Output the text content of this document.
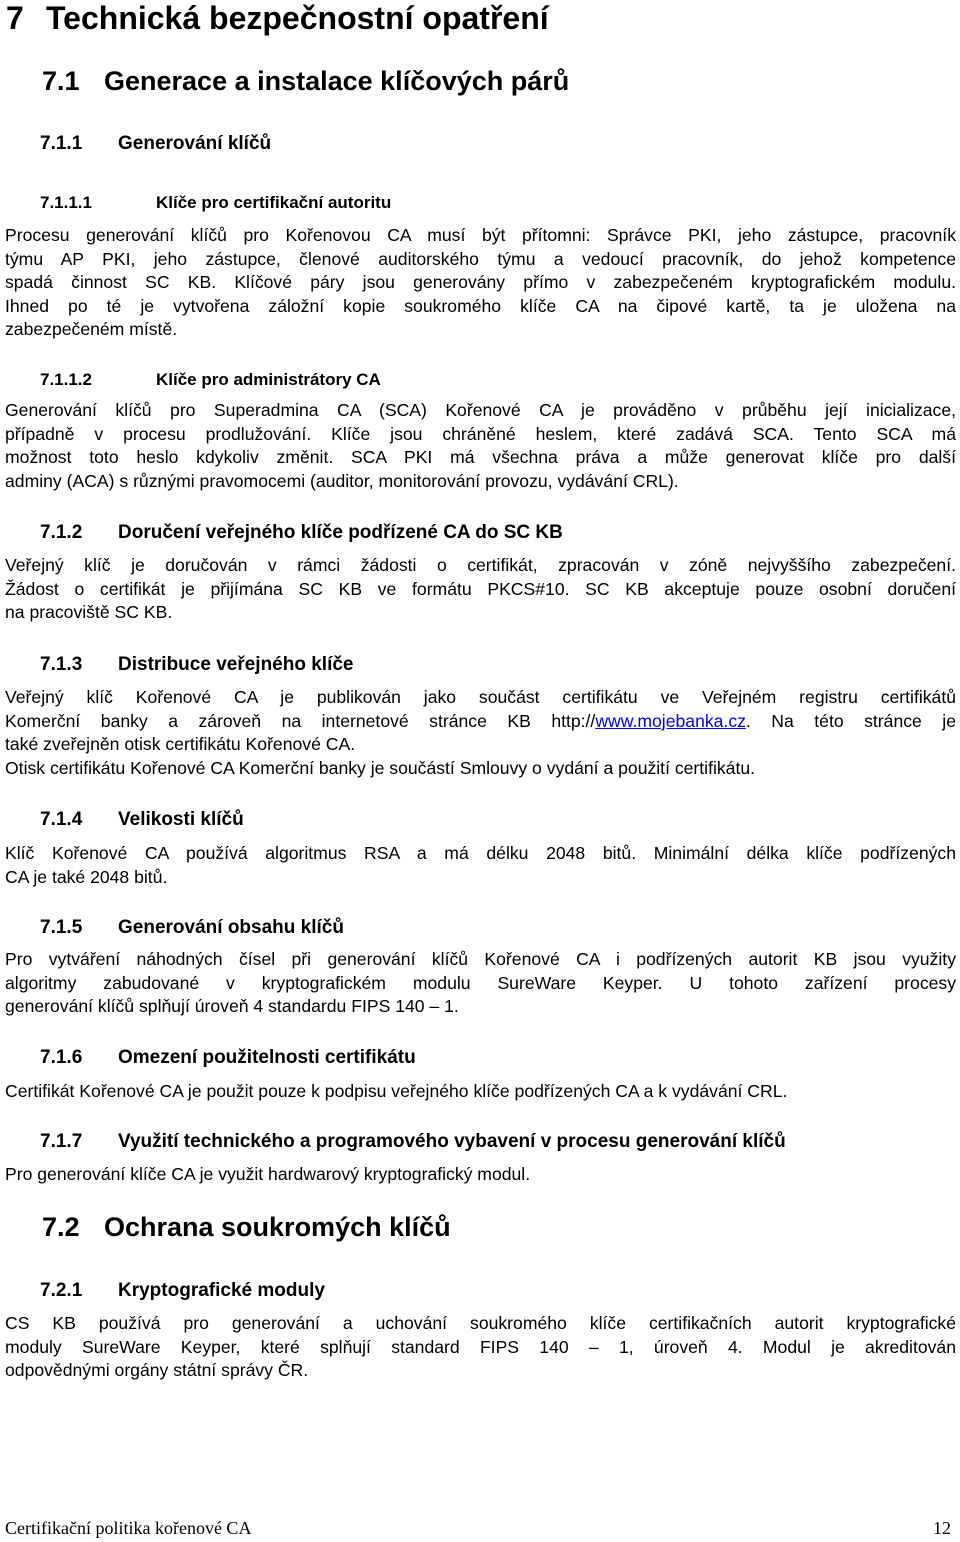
7 Technická bezpečnostní opatření
7.1 Generace a instalace klíčových párů
7.1.1 Generování klíčů
7.1.1.1	Klíče pro certifikační autoritu
Procesu generování klíčů pro Kořenovou CA musí být přítomni: Správce PKI, jeho zástupce, pracovník
týmu AP PKI, jeho zástupce, členové auditorského týmu a vedoucí pracovník, do jehož kompetence
spadá činnost SC KB. Klíčové páry jsou generovány přímo v zabezpečeném kryptografickém modulu.
Ihned po té je vytvořena záložní kopie soukromého klíče CA na čipové kartě, ta je uložena na
zabezpečeném místě.
7.1.1.2	Klíče pro administrátory CA
Generování klíčů pro Superadmina CA (SCA) Kořenové CA je prováděno v průběhu její inicializace,
případně v procesu prodlužování. Klíče jsou chráněné heslem, které zadává SCA. Tento SCA má
možnost toto heslo kdykoliv změnit. SCA PKI má všechna práva a může generovat klíče pro další
adminy (ACA) s různými pravomocemi (auditor, monitorování provozu, vydávání CRL).
7.1.2 Doručení veřejného klíče podřízené CA do SC KB
Veřejný klíč je doručován v rámci žádosti o certifikát, zpracován v zóně nejvyššího zabezpečení.
Žádost o certifikát je přijímána SC KB ve formátu PKCS#10. SC KB akceptuje pouze osobní doručení
na pracoviště SC KB.
7.1.3 Distribuce veřejného klíče
Veřejný klíč Kořenové CA je publikován jako součást certifikátu ve Veřejném registru certifikátů
Komerční banky a zároveň na internetové stránce KB http://www.mojebanka.cz. Na této stránce je
také zveřejněn otisk certifikátu Kořenové CA.
Otisk certifikátu Kořenové CA Komerční banky je součástí Smlouvy o vydání a použití certifikátu.
7.1.4 Velikosti klíčů
Klíč Kořenové CA používá algoritmus RSA a má délku 2048 bitů. Minimální délka klíče podřízených
CA je také 2048 bitů.
7.1.5 Generování obsahu klíčů
Pro vytváření náhodných čísel při generování klíčů Kořenové CA i podřízených autorit KB jsou využity
algoritmy zabudované v kryptografickém modulu SureWare Keyper. U tohoto zařízení procesy
generování klíčů splňují úroveň 4 standardu FIPS 140 – 1.
7.1.6 Omezení použitelnosti certifikátu
Certifikát Kořenové CA je použit pouze k podpisu veřejného klíče podřízených CA a k vydávání CRL.
7.1.7 Využití technického a programového vybavení v procesu generování klíčů
Pro generování klíče CA je využit hardwarový kryptografický modul.
7.2 Ochrana soukromých klíčů
7.2.1 Kryptografické moduly
CS KB používá pro generování a uchování soukromého klíče certifikačních autorit kryptografické
moduly SureWare Keyper, které splňují standard FIPS 140 – 1, úroveň 4. Modul je akreditován
odpovědnými orgány státní správy ČR.
Certifikační politika kořenové CA	12
